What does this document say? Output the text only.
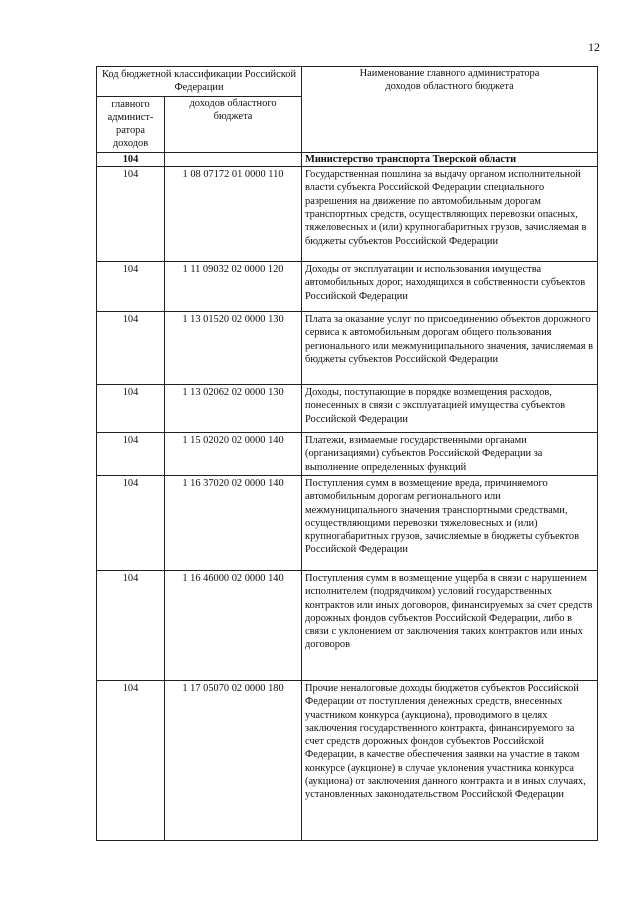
12
Код бюджетной классификации Российской Федерации		Наименование главного администратора доходов областного бюджета
главного админист-ратора доходов	доходов областного бюджета	
104		Министерство транспорта Тверской области
104	1 08 07172 01 0000 110	Государственная пошлина за выдачу органом исполнительной власти субъекта Российской Федерации специального разрешения на движение по автомобильным дорогам транспортных средств, осуществляющих перевозки опасных, тяжеловесных и (или) крупногабаритных грузов, зачисляемая в бюджеты субъектов Российской Федерации
104	1 11 09032 02 0000 120	Доходы от эксплуатации и использования имущества автомобильных дорог, находящихся в собственности субъектов Российской Федерации
104	1 13 01520 02 0000 130	Плата за оказание услуг по присоединению объектов дорожного сервиса к автомобильным дорогам общего пользования регионального или межмуниципального значения, зачисляемая в бюджеты субъектов Российской Федерации
104	1 13 02062 02 0000 130	Доходы, поступающие в порядке возмещения расходов, понесенных в связи с эксплуатацией имущества субъектов Российской Федерации
104	1 15 02020 02 0000 140	Платежи, взимаемые государственными органами (организациями) субъектов Российской Федерации за выполнение определенных функций
104	1 16 37020 02 0000 140	Поступления сумм в возмещение вреда, причиняемого автомобильным дорогам регионального или межмуниципального значения транспортными средствами, осуществляющими перевозки тяжеловесных и (или) крупногабаритных грузов, зачисляемые в бюджеты субъектов Российской Федерации
104	1 16 46000 02 0000 140	Поступления сумм в возмещение ущерба в связи с нарушением исполнителем (подрядчиком) условий государственных контрактов или иных договоров, финансируемых за счет средств дорожных фондов субъектов Российской Федерации, либо в связи с уклонением от заключения таких контрактов или иных договоров
104	1 17 05070 02 0000 180	Прочие неналоговые доходы бюджетов субъектов Российской Федерации от поступления денежных средств, внесенных участником конкурса (аукциона), проводимого в целях заключения государственного контракта, финансируемого за счет средств дорожных фондов субъектов Российской Федерации, в качестве обеспечения заявки на участие в таком конкурсе (аукционе) в случае уклонения участника конкурса (аукциона) от заключения данного контракта и в иных случаях, установленных законодательством Российской Федерации
